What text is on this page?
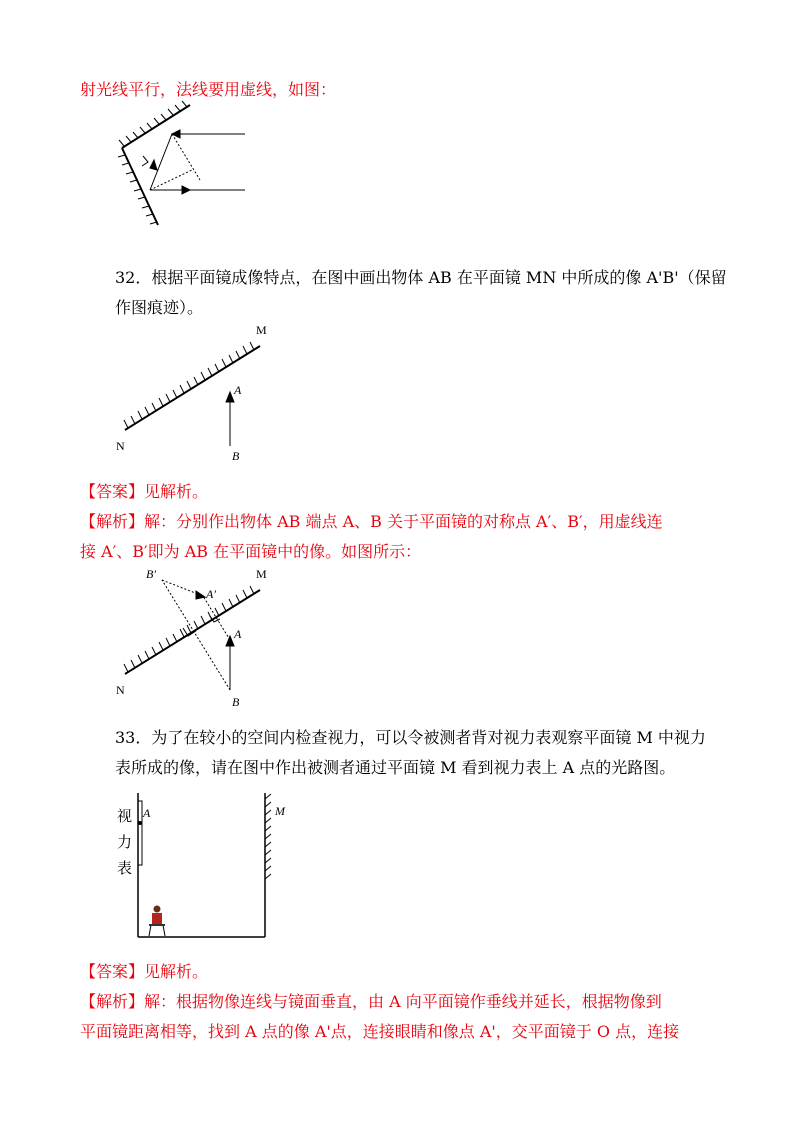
射光线平行，法线要用虚线，如图：
32．根据平面镜成像特点，在图中画出物体 AB 在平面镜 MN 中所成的像 A'B'（保留
作图痕迹）。
M
N
A
B
【答案】见解析。
【解析】解：分别作出物体 AB 端点 A、B 关于平面镜的对称点 A′、B′，用虚线连
接 A′、B′即为 AB 在平面镜中的像。如图所示：
M
N
A
B
A′
B′
33．为了在较小的空间内检查视力，可以令被测者背对视力表观察平面镜 M 中视力
表所成的像，请在图中作出被测者通过平面镜 M 看到视力表上 A 点的光路图。
视
力
表
A	M
【答案】见解析。
【解析】解：根据物像连线与镜面垂直，由 A 向平面镜作垂线并延长，根据物像到
平面镜距离相等，找到 A 点的像 A'点，连接眼睛和像点 A'，交平面镜于 O 点，连接
